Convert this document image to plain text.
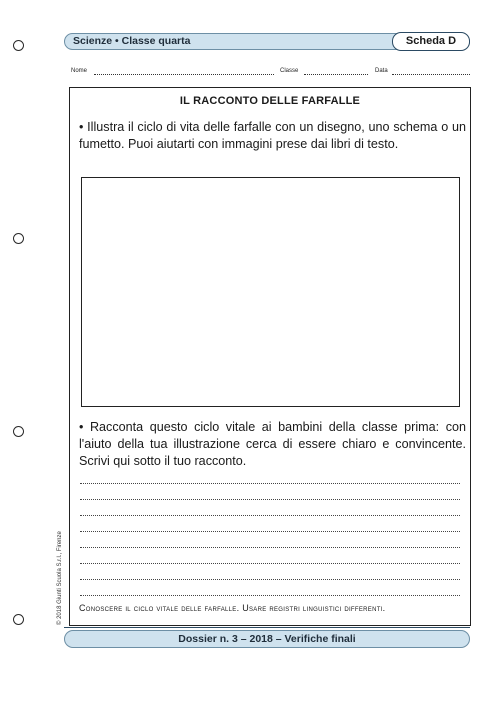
Scienze • Classe quarta	Scheda D
Nome	Classe	Data
IL RACCONTO DELLE FARFALLE
• Illustra il ciclo di vita delle farfalle con un disegno, uno schema o un fumetto. Puoi aiutarti con immagini prese dai libri di testo.
• Racconta questo ciclo vitale ai bambini della classe prima: con l'aiuto della tua illustrazione cerca di essere chiaro e convincente. Scrivi qui sotto il tuo racconto.
Conoscere il ciclo vitale delle farfalle. Usare registri linguistici differenti.
© 2018 Giunti Scuola S.r.l., Firenze
Dossier n. 3 – 2018 – Verifiche finali
